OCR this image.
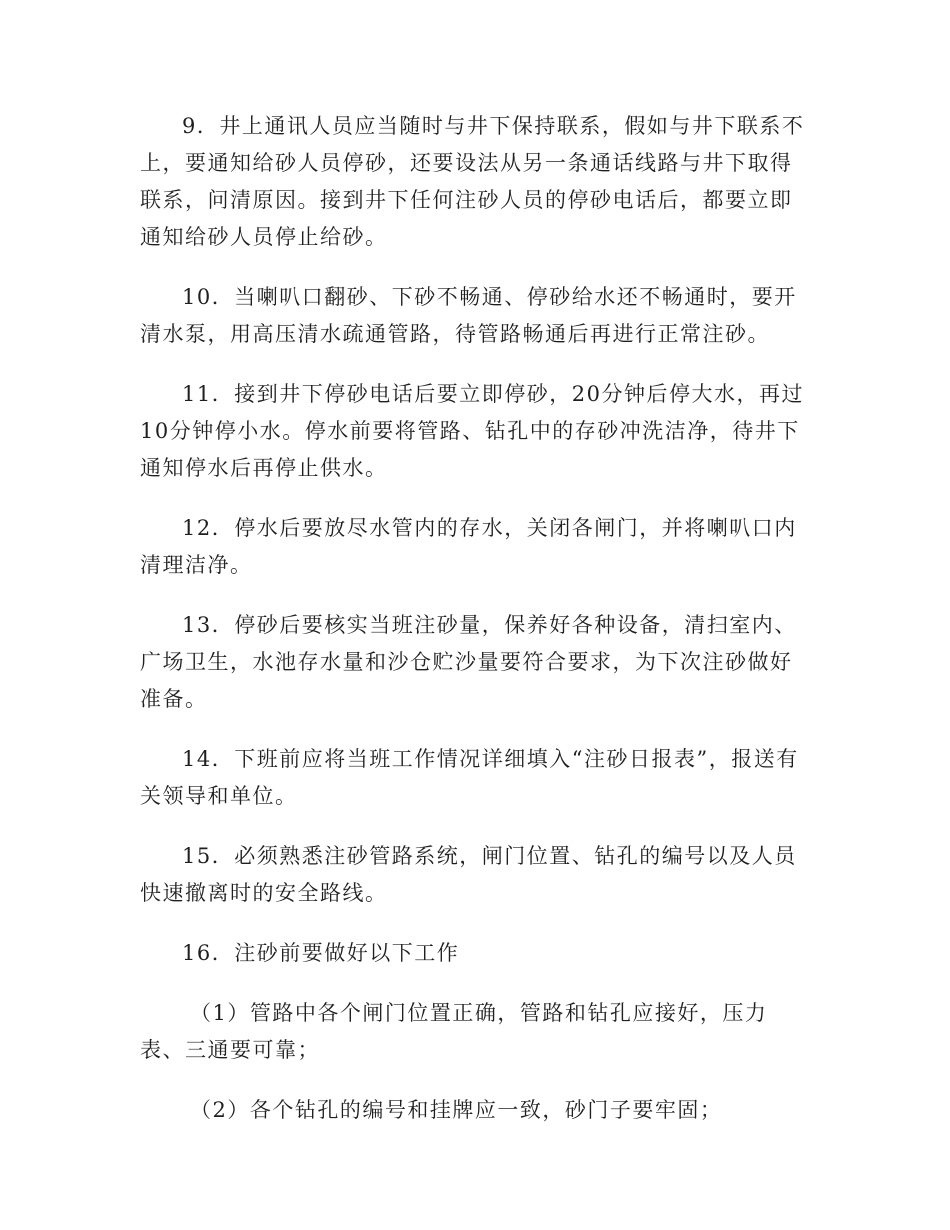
9．井上通讯人员应当随时与井下保持联系，假如与井下联系不上，要通知给砂人员停砂，还要设法从另一条通话线路与井下取得联系，问清原因。接到井下任何注砂人员的停砂电话后，都要立即通知给砂人员停止给砂。

10．当喇叭口翻砂、下砂不畅通、停砂给水还不畅通时，要开清水泵，用高压清水疏通管路，待管路畅通后再进行正常注砂。

11．接到井下停砂电话后要立即停砂，20分钟后停大水，再过10分钟停小水。停水前要将管路、钻孔中的存砂冲洗洁净，待井下通知停水后再停止供水。

12．停水后要放尽水管内的存水，关闭各闸门，并将喇叭口内清理洁净。

13．停砂后要核实当班注砂量，保养好各种设备，清扫室内、广场卫生，水池存水量和沙仓贮沙量要符合要求，为下次注砂做好准备。

14．下班前应将当班工作情况详细填入“注砂日报表”，报送有关领导和单位。

15．必须熟悉注砂管路系统，闸门位置、钻孔的编号以及人员快速撤离时的安全路线。

16．注砂前要做好以下工作

（1）管路中各个闸门位置正确，管路和钻孔应接好，压力表、三通要可靠；

（2）各个钻孔的编号和挂牌应一致，砂门子要牢固；
